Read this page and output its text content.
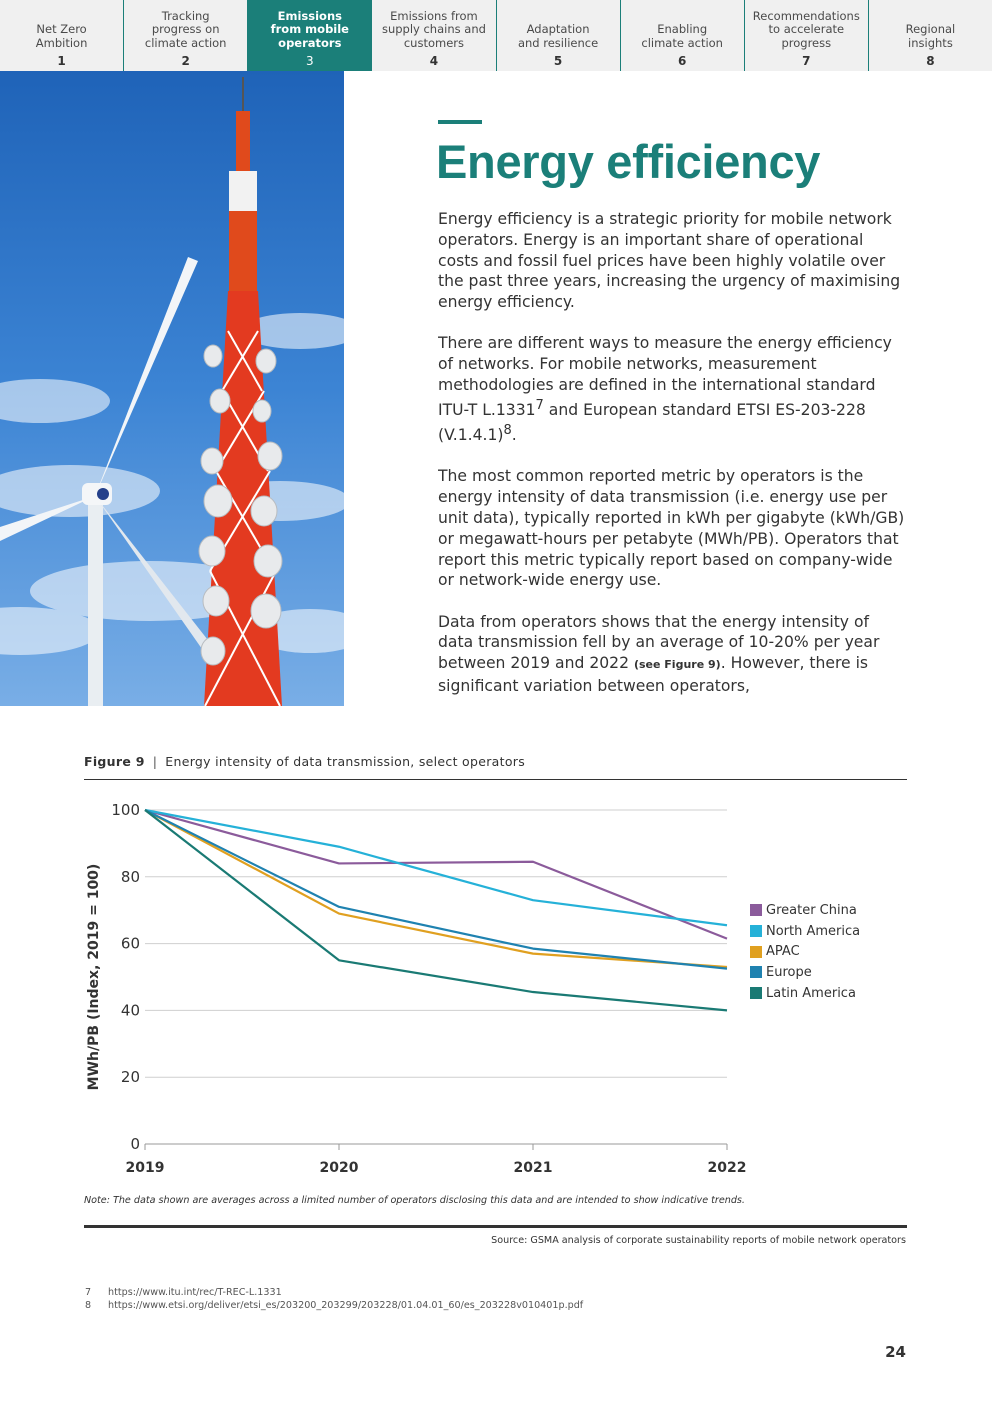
Net Zero
Ambition
1
Tracking
progress on
climate action
2
Emissions
from mobile
operators
3
Emissions from
supply chains and
customers
4
Adaptation
and resilience
5
Enabling
climate action
6
Recommendations
to accelerate
progress
7
Regional
insights
8
Energy efficiency

Energy efficiency is a strategic priority for mobile network operators. Energy is an important share of operational costs and fossil fuel prices have been highly volatile over the past three years, increasing the urgency of maximising energy efficiency.

There are different ways to measure the energy efficiency of networks. For mobile networks, measurement methodologies are defined in the international standard ITU-T L.1331$^7$ and European standard ETSI ES-203-228 $(V.1.4.1)^8$.

The most common reported metric by operators is the energy intensity of data transmission (i.e. energy use per unit data), typically reported in kWh per gigabyte (kWh/GB) or megawatt-hours per petabyte (MWh/PB). Operators that report this metric typically report based on company-wide or network-wide energy use.

Data from operators shows that the energy intensity of data transmission fell by an average of 10-20% per year between 2019 and 2022 (see Figure 9). However, there is significant variation between operators,

Figure 9 | Energy intensity of data transmission, select operators
0
20
40
60
80
100
2019	2020	2021	2022
MWh/PB (Index, 2019 = 100)	Greater China
North America
APAC
Europe
Latin America
Note: The data shown are averages across a limited number of operators disclosing this data and are intended to show indicative trends.
Source: GSMA analysis of corporate sustainability reports of mobile network operators
7	https://www.itu.int/rec/T-REC-L.1331
8	https://www.etsi.org/deliver/etsi_es/203200_203299/203228/01.04.01_60/es_203228v010401p.pdf
24
